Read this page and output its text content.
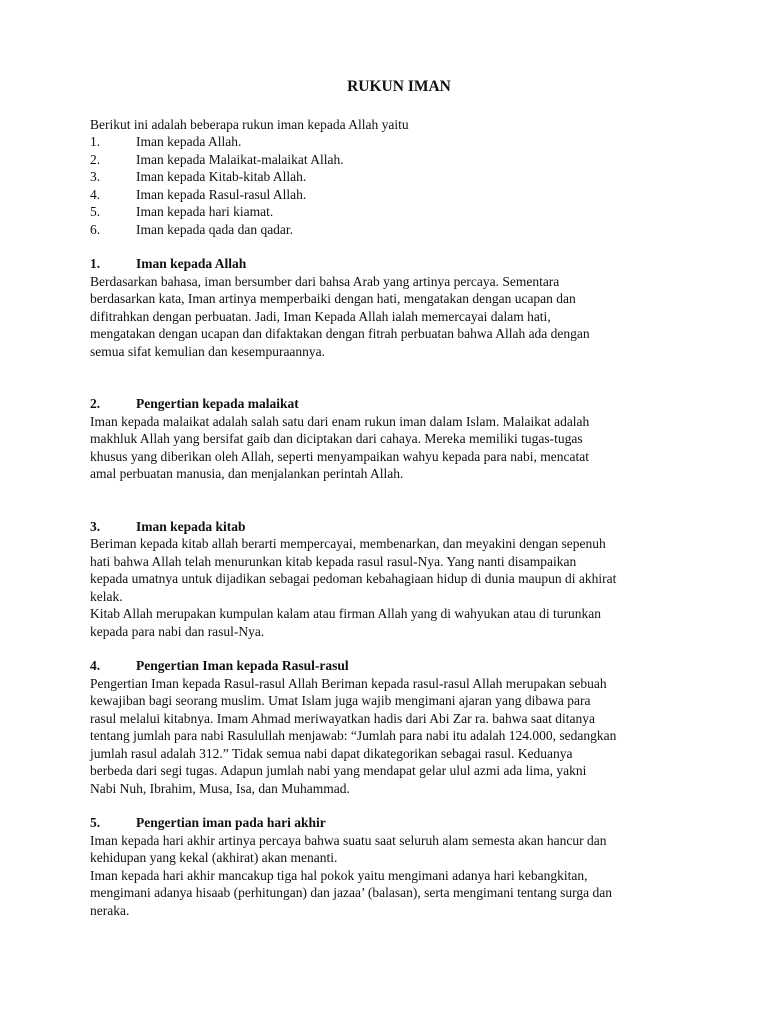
RUKUN IMAN

Berikut ini adalah beberapa rukun iman kepada Allah yaitu

1.	Iman kepada Allah.
2.	Iman kepada Malaikat-malaikat Allah.
3.	Iman kepada Kitab-kitab Allah.
4.	Iman kepada Rasul-rasul Allah.
5.	Iman kepada hari kiamat.
6.	Iman kepada qada dan qadar.
1.	Iman kepada Allah

Berdasarkan bahasa, iman bersumber dari bahsa Arab yang artinya percaya. Sementara

berdasarkan kata, Iman artinya memperbaiki dengan hati, mengatakan dengan ucapan dan

difitrahkan dengan perbuatan. Jadi, Iman Kepada Allah ialah memercayai dalam hati,

mengatakan dengan ucapan dan difaktakan dengan fitrah perbuatan bahwa Allah ada dengan

semua sifat kemulian dan kesempuraannya.

2.	Pengertian kepada malaikat

Iman kepada malaikat adalah salah satu dari enam rukun iman dalam Islam. Malaikat adalah

makhluk Allah yang bersifat gaib dan diciptakan dari cahaya. Mereka memiliki tugas-tugas

khusus yang diberikan oleh Allah, seperti menyampaikan wahyu kepada para nabi, mencatat

amal perbuatan manusia, dan menjalankan perintah Allah.

3.	Iman kepada kitab

Beriman kepada kitab allah berarti mempercayai, membenarkan, dan meyakini dengan sepenuh

hati bahwa Allah telah menurunkan kitab kepada rasul rasul-Nya. Yang nanti disampaikan

kepada umatnya untuk dijadikan sebagai pedoman kebahagiaan hidup di dunia maupun di akhirat

kelak.

Kitab Allah merupakan kumpulan kalam atau firman Allah yang di wahyukan atau di turunkan

kepada para nabi dan rasul-Nya.

4.	Pengertian Iman kepada Rasul-rasul

Pengertian Iman kepada Rasul-rasul Allah Beriman kepada rasul-rasul Allah merupakan sebuah

kewajiban bagi seorang muslim. Umat Islam juga wajib mengimani ajaran yang dibawa para

rasul melalui kitabnya. Imam Ahmad meriwayatkan hadis dari Abi Zar ra. bahwa saat ditanya

tentang jumlah para nabi Rasulullah menjawab: “Jumlah para nabi itu adalah 124.000, sedangkan

jumlah rasul adalah 312.” Tidak semua nabi dapat dikategorikan sebagai rasul. Keduanya

berbeda dari segi tugas. Adapun jumlah nabi yang mendapat gelar ulul azmi ada lima, yakni

Nabi Nuh, Ibrahim, Musa, Isa, dan Muhammad.

5.	Pengertian iman pada hari akhir

Iman kepada hari akhir artinya percaya bahwa suatu saat seluruh alam semesta akan hancur dan

kehidupan yang kekal (akhirat) akan menanti.

Iman kepada hari akhir mancakup tiga hal pokok yaitu mengimani adanya hari kebangkitan,

mengimani adanya hisaab (perhitungan) dan jazaa’ (balasan), serta mengimani tentang surga dan

neraka.
